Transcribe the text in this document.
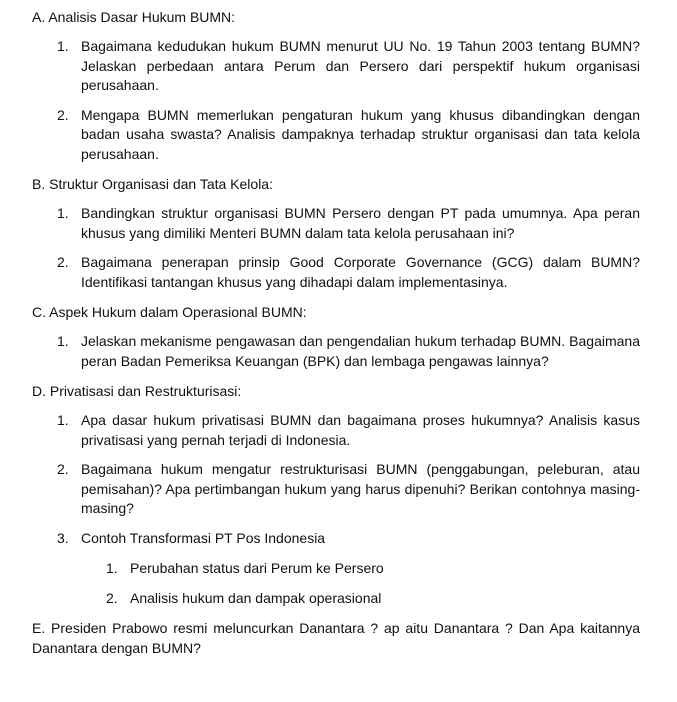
A. Analisis Dasar Hukum BUMN:
1. Bagaimana kedudukan hukum BUMN menurut UU No. 19 Tahun 2003 tentang BUMN? Jelaskan perbedaan antara Perum dan Persero dari perspektif hukum organisasi perusahaan.
2. Mengapa BUMN memerlukan pengaturan hukum yang khusus dibandingkan dengan badan usaha swasta? Analisis dampaknya terhadap struktur organisasi dan tata kelola perusahaan.
B. Struktur Organisasi dan Tata Kelola:
1. Bandingkan struktur organisasi BUMN Persero dengan PT pada umumnya. Apa peran khusus yang dimiliki Menteri BUMN dalam tata kelola perusahaan ini?
2. Bagaimana penerapan prinsip Good Corporate Governance (GCG) dalam BUMN? Identifikasi tantangan khusus yang dihadapi dalam implementasinya.
C. Aspek Hukum dalam Operasional BUMN:
1. Jelaskan mekanisme pengawasan dan pengendalian hukum terhadap BUMN. Bagaimana peran Badan Pemeriksa Keuangan (BPK) dan lembaga pengawas lainnya?
D. Privatisasi dan Restrukturisasi:
1. Apa dasar hukum privatisasi BUMN dan bagaimana proses hukumnya? Analisis kasus privatisasi yang pernah terjadi di Indonesia.
2. Bagaimana hukum mengatur restrukturisasi BUMN (penggabungan, peleburan, atau pemisahan)? Apa pertimbangan hukum yang harus dipenuhi? Berikan contohnya masing-masing?
3. Contoh Transformasi PT Pos Indonesia
1. Perubahan status dari Perum ke Persero
2. Analisis hukum dan dampak operasional
E. Presiden Prabowo resmi meluncurkan Danantara ? ap aitu Danantara ? Dan Apa kaitannya Danantara dengan BUMN?
